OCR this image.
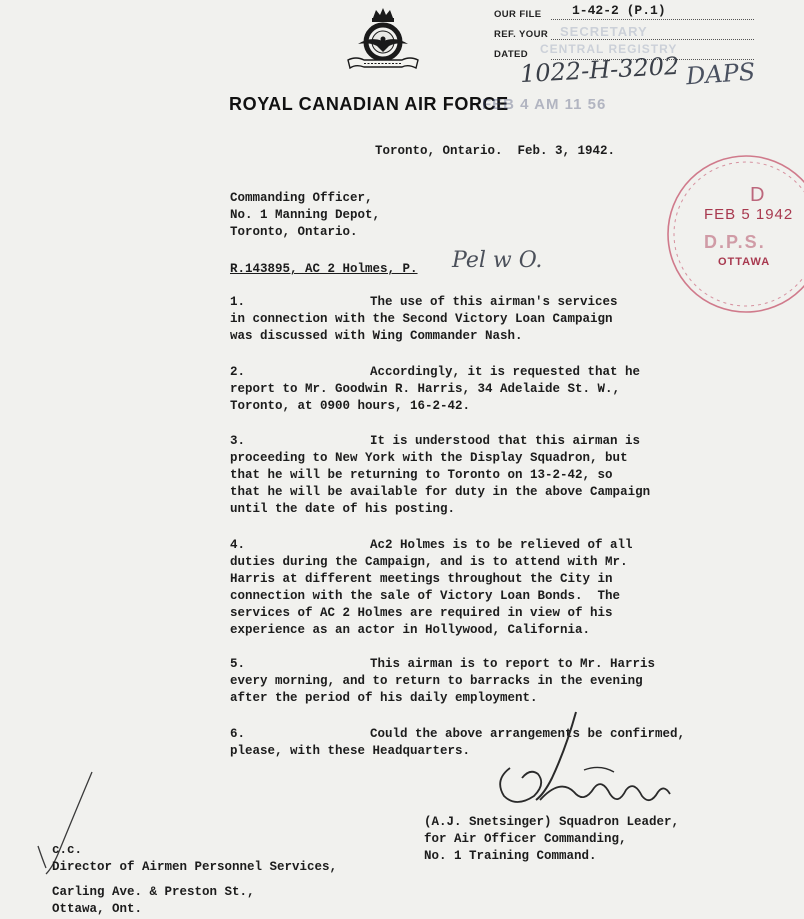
ROYAL CANADIAN AIR FORCE
OUR FILE 1-42-2 (P.1)
REF. YOUR
DATED
SECRETARY
CENTRAL REGISTRY
FEB 4 AM 11 56
1022-H-3202 DAPS
D
FEB 5 1942
D.P.S.
OTTAWA
Toronto, Ontario.  Feb. 3, 1942.
Commanding Officer,
No. 1 Manning Depot,
Toronto, Ontario.
R.143895, AC 2 Holmes, P. Pel w O.
1.	The use of this airman's services
in connection with the Second Victory Loan Campaign
was discussed with Wing Commander Nash.
2.	Accordingly, it is requested that he
report to Mr. Goodwin R. Harris, 34 Adelaide St. W.,
Toronto, at 0900 hours, 16-2-42.
3.	It is understood that this airman is
proceeding to New York with the Display Squadron, but
that he will be returning to Toronto on 13-2-42, so
that he will be available for duty in the above Campaign
until the date of his posting.
4.	Ac2 Holmes is to be relieved of all
duties during the Campaign, and is to attend with Mr.
Harris at different meetings throughout the City in
connection with the sale of Victory Loan Bonds.  The
services of AC 2 Holmes are required in view of his
experience as an actor in Hollywood, California.
5.	This airman is to report to Mr. Harris
every morning, and to return to barracks in the evening
after the period of his daily employment.
6.	Could the above arrangements be confirmed,
please, with these Headquarters.
(A.J. Snetsinger) Squadron Leader,
for Air Officer Commanding,
No. 1 Training Command.
c.c.
Director of Airmen Personnel Services,
Carling Ave. & Preston St.,
Ottawa, Ont.
